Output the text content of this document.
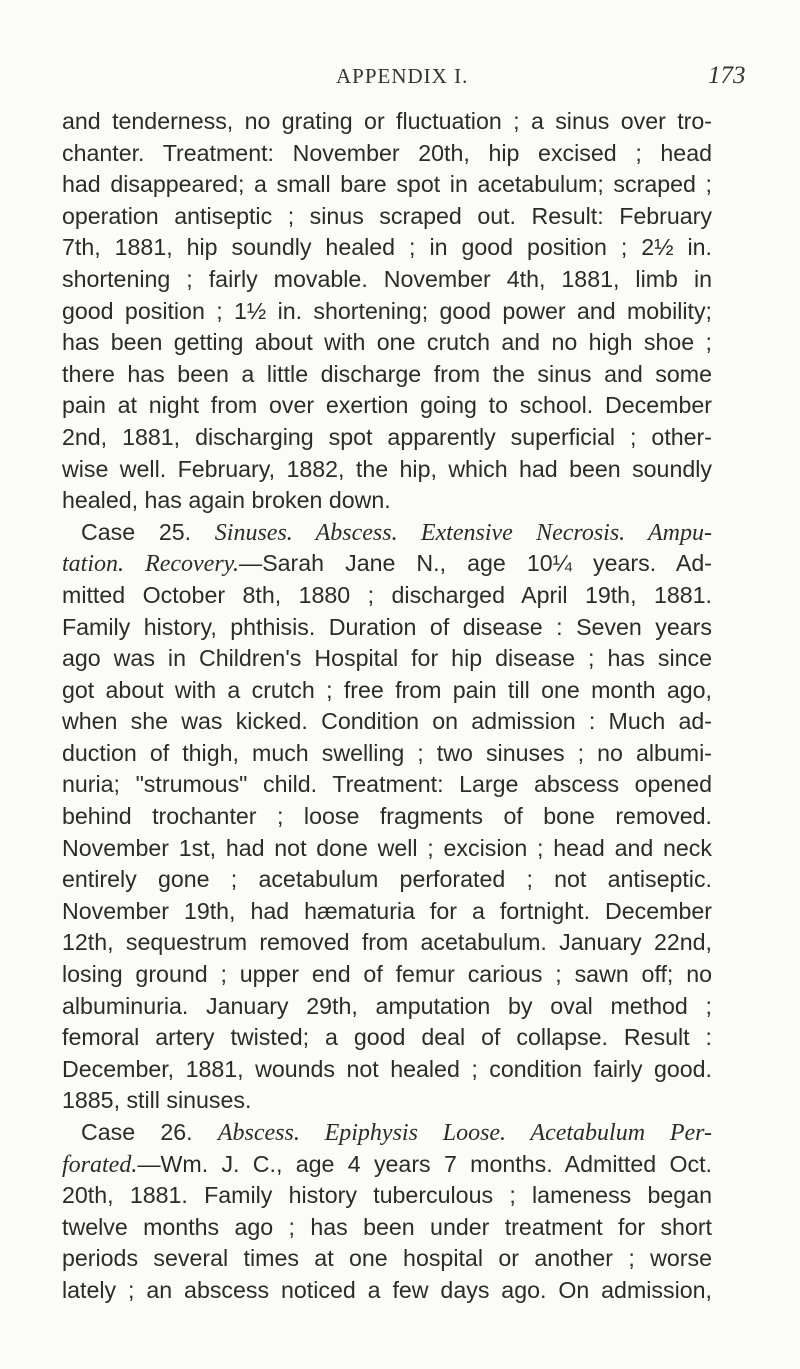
APPENDIX I.	173
and tenderness, no grating or fluctuation ; a sinus over tro-
chanter. Treatment: November 20th, hip excised ; head
had disappeared; a small bare spot in acetabulum; scraped ;
operation antiseptic ; sinus scraped out. Result: February
7th, 1881, hip soundly healed ; in good position ; 2½ in.
shortening ; fairly movable. November 4th, 1881, limb in
good position ; 1½ in. shortening; good power and mobility;
has been getting about with one crutch and no high shoe ;
there has been a little discharge from the sinus and some
pain at night from over exertion going to school. December
2nd, 1881, discharging spot apparently superficial ; other-
wise well. February, 1882, the hip, which had been soundly
healed, has again broken down.
Case 25. Sinuses. Abscess. Extensive Necrosis. Ampu-
tation. Recovery.—Sarah Jane N., age 10¼ years. Ad-
mitted October 8th, 1880 ; discharged April 19th, 1881.
Family history, phthisis. Duration of disease : Seven years
ago was in Children's Hospital for hip disease ; has since
got about with a crutch ; free from pain till one month ago,
when she was kicked. Condition on admission : Much ad-
duction of thigh, much swelling ; two sinuses ; no albumi-
nuria; "strumous" child. Treatment: Large abscess opened
behind trochanter ; loose fragments of bone removed.
November 1st, had not done well ; excision ; head and neck
entirely gone ; acetabulum perforated ; not antiseptic.
November 19th, had hæmaturia for a fortnight. December
12th, sequestrum removed from acetabulum. January 22nd,
losing ground ; upper end of femur carious ; sawn off; no
albuminuria. January 29th, amputation by oval method ;
femoral artery twisted; a good deal of collapse. Result :
December, 1881, wounds not healed ; condition fairly good.
1885, still sinuses.
Case 26. Abscess. Epiphysis Loose. Acetabulum Per-
forated.—Wm. J. C., age 4 years 7 months. Admitted Oct.
20th, 1881. Family history tuberculous ; lameness began
twelve months ago ; has been under treatment for short
periods several times at one hospital or another ; worse
lately ; an abscess noticed a few days ago. On admission,
